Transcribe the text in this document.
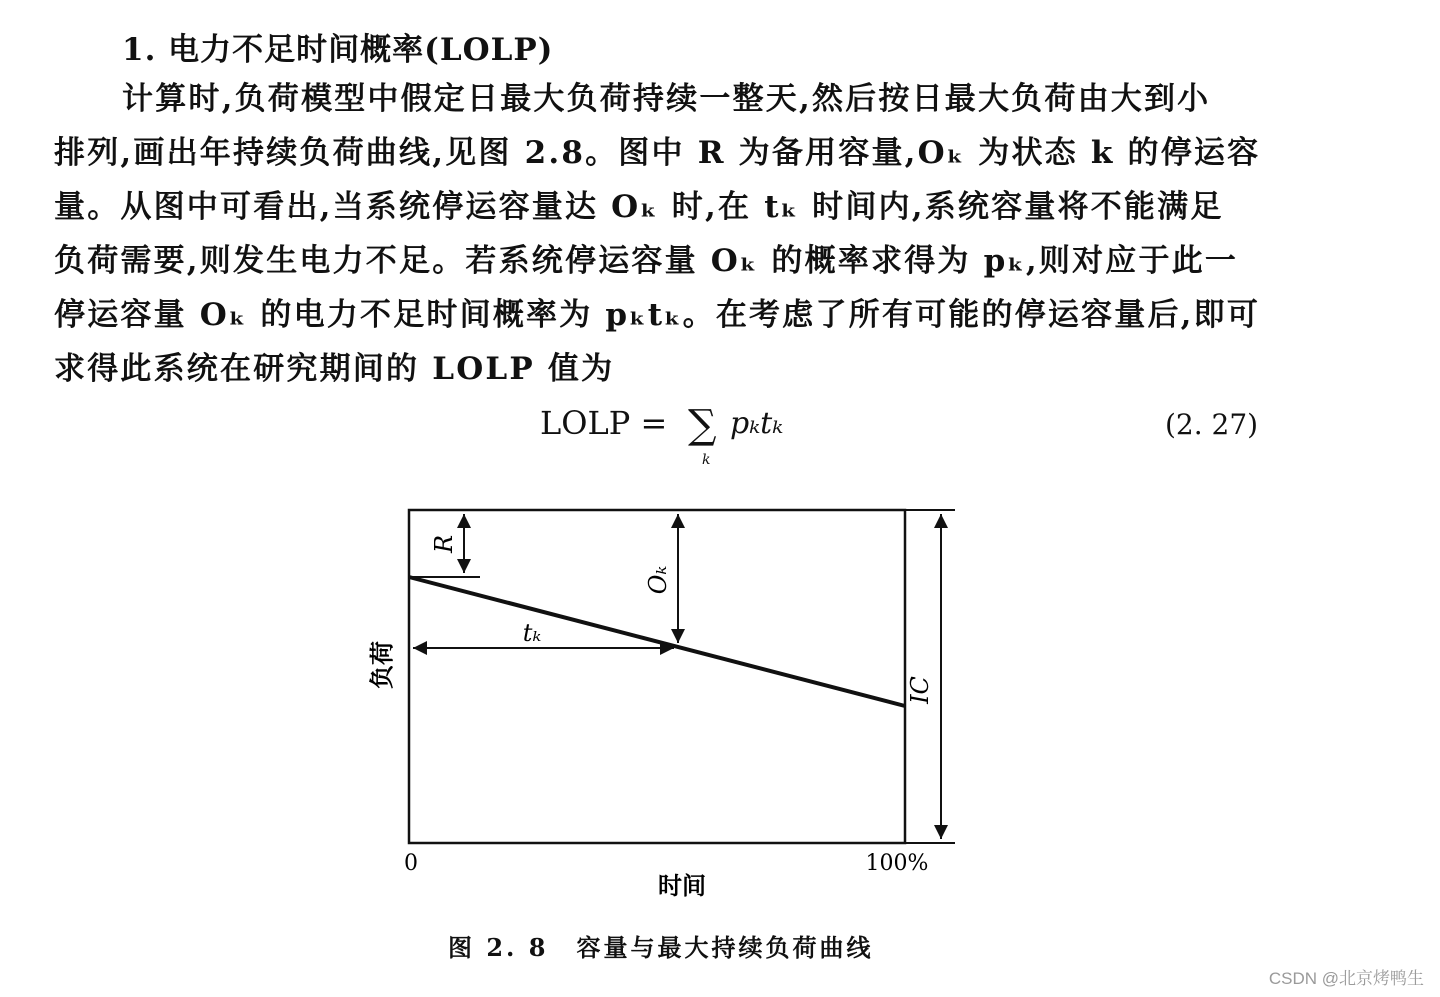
1. 电力不足时间概率(LOLP)
计算时,负荷模型中假定日最大负荷持续一整天,然后按日最大负荷由大到小
排列,画出年持续负荷曲线,见图 2.8。图中 R 为备用容量,Oₖ 为状态 k 的停运容
量。从图中可看出,当系统停运容量达 Oₖ 时,在 tₖ 时间内,系统容量将不能满足
负荷需要,则发生电力不足。若系统停运容量 Oₖ 的概率求得为 pₖ,则对应于此一
停运容量 Oₖ 的电力不足时间概率为 pₖtₖ。在考虑了所有可能的停运容量后,即可
求得此系统在研究期间的 LOLP 值为
LOLP = ∑
k
pₖtₖ	(2. 27)
R
Oₖ
tₖ
负荷
IC
0	100%
时间
图 2. 8 容量与最大持续负荷曲线
CSDN @北京烤鸭生
